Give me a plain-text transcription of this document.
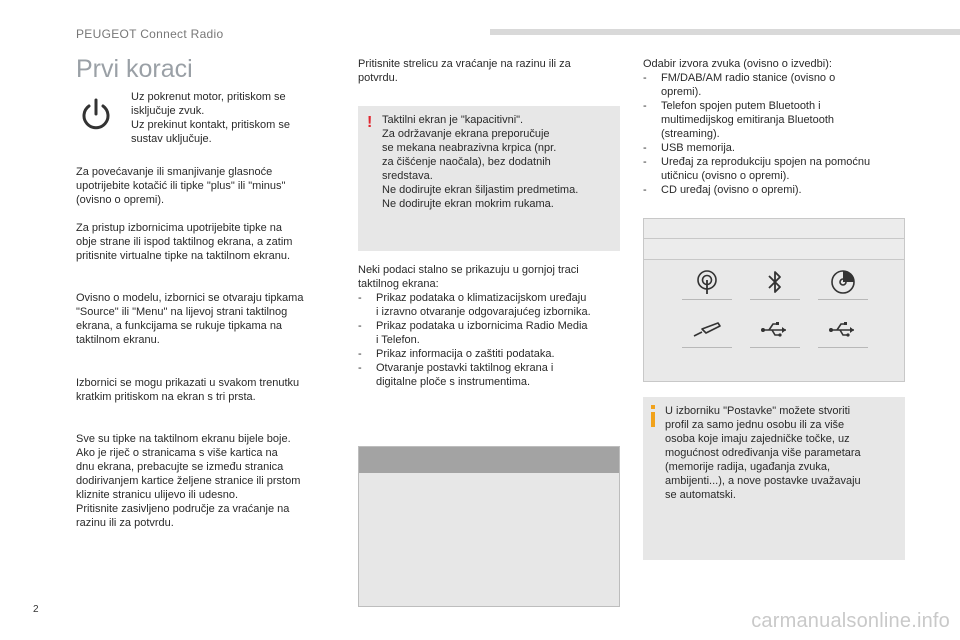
PEUGEOT Connect Radio
Prvi koraci

Uz pokrenut motor, pritiskom se
isključuje zvuk.
Uz prekinut kontakt, pritiskom se
sustav uključuje.

Za povećavanje ili smanjivanje glasnoće
upotrijebite kotačić ili tipke "plus" ili "minus"
(ovisno o opremi).

Za pristup izbornicima upotrijebite tipke na
obje strane ili ispod taktilnog ekrana, a zatim
pritisnite virtualne tipke na taktilnom ekranu.

Ovisno o modelu, izbornici se otvaraju tipkama
"Source" ili "Menu" na lijevoj strani taktilnog
ekrana, a funkcijama se rukuje tipkama na
taktilnom ekranu.

Izbornici se mogu prikazati u svakom trenutku
kratkim pritiskom na ekran s tri prsta.

Sve su tipke na taktilnom ekranu bijele boje.
Ako je riječ o stranicama s više kartica na
dnu ekrana, prebacujte se između stranica
dodirivanjem kartice željene stranice ili prstom
kliznite stranicu ulijevo ili udesno.
Pritisnite zasivljeno područje za vraćanje na
razinu ili za potvrdu.

Pritisnite strelicu za vraćanje na razinu ili za
potvrdu.

! Taktilni ekran je "kapacitivni".
Za održavanje ekrana preporučuje
se mekana neabrazivna krpica (npr.
za čišćenje naočala), bez dodatnih
sredstava.
Ne dodirujte ekran šiljastim predmetima.
Ne dodirujte ekran mokrim rukama.

Neki podaci stalno se prikazuju u gornjoj traci
taktilnog ekrana:

- Prikaz podataka o klimatizacijskom uređaju
i izravno otvaranje odgovarajućeg izbornika.
- Prikaz podataka u izbornicima Radio Media
i Telefon.
- Prikaz informacija o zaštiti podataka.
- Otvaranje postavki taktilnog ekrana i
digitalne ploče s instrumentima.

Odabir izvora zvuka (ovisno o izvedbi):

- FM/DAB/AM radio stanice (ovisno o
opremi).
- Telefon spojen putem Bluetooth i
multimedijskog emitiranja Bluetooth
(streaming).
- USB memorija.
- Uređaj za reprodukciju spojen na pomoćnu
utičnicu (ovisno o opremi).
- CD uređaj (ovisno o opremi).
U izborniku "Postavke" možete stvoriti
profil za samo jednu osobu ili za više
osoba koje imaju zajedničke točke, uz
mogućnost određivanja više parametara
(memorije radija, ugađanja zvuka,
ambijenti...), a nove postavke uvažavaju
se automatski.
2
carmanualsonline.info
